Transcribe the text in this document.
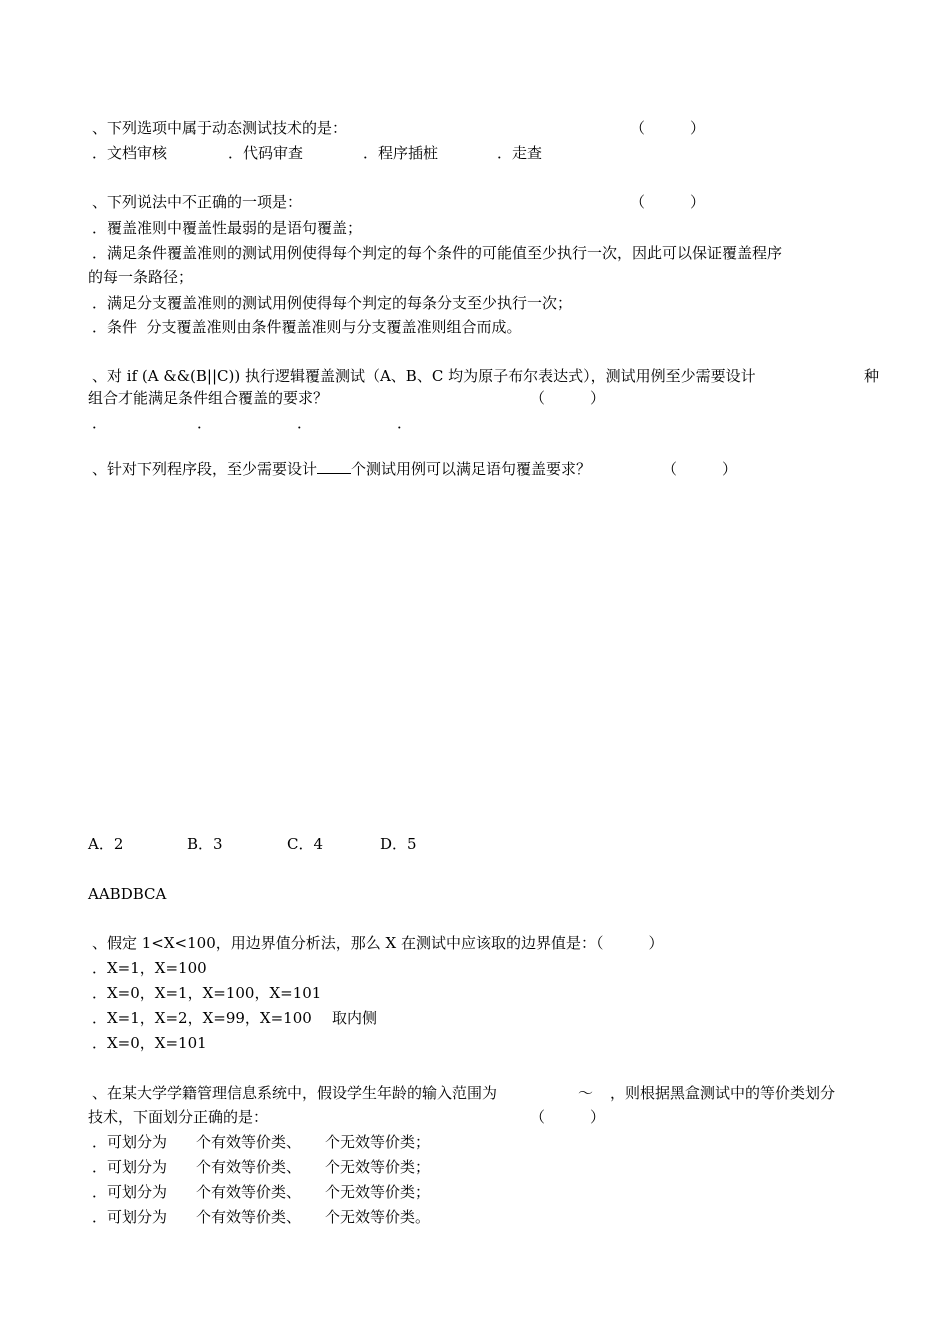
、下列选项中属于动态测试技术的是：	（　　　）
．文档审核	．代码审查	．程序插桩	．走查
、下列说法中不正确的一项是：	（　　　）
．覆盖准则中覆盖性最弱的是语句覆盖；
．满足条件覆盖准则的测试用例使得每个判定的每个条件的可能值至少执行一次，因此可以保证覆盖程序
的每一条路径；
．满足分支覆盖准则的测试用例使得每个判定的每条分支至少执行一次；
．条件  分支覆盖准则由条件覆盖准则与分支覆盖准则组合而成。
、对 if (A &&(B||C)) 执行逻辑覆盖测试（A、B、C 均为原子布尔表达式），测试用例至少需要设计	种
组合才能满足条件组合覆盖的要求？	（　　　）
．	．	．	．
、针对下列程序段，至少需要设计 个测试用例可以满足语句覆盖要求？	（　　　）
A．2	B．3	C．4	D．5
AABDBCA
、假定 1<X<100，用边界值分析法，那么 X 在测试中应该取的边界值是：（　　　）
．X=1，X=100
．X=0，X=1，X=100，X=101
．X=1，X=2，X=99，X=100 取内侧
．X=0，X=101
、在某大学学籍管理信息系统中，假设学生年龄的输入范围为	～ ，则根据黑盒测试中的等价类划分
技术，下面划分正确的是：	（　　　）
．可划分为 个有效等价类、 个无效等价类；
．可划分为 个有效等价类、 个无效等价类；
．可划分为 个有效等价类、 个无效等价类；
．可划分为 个有效等价类、 个无效等价类。
